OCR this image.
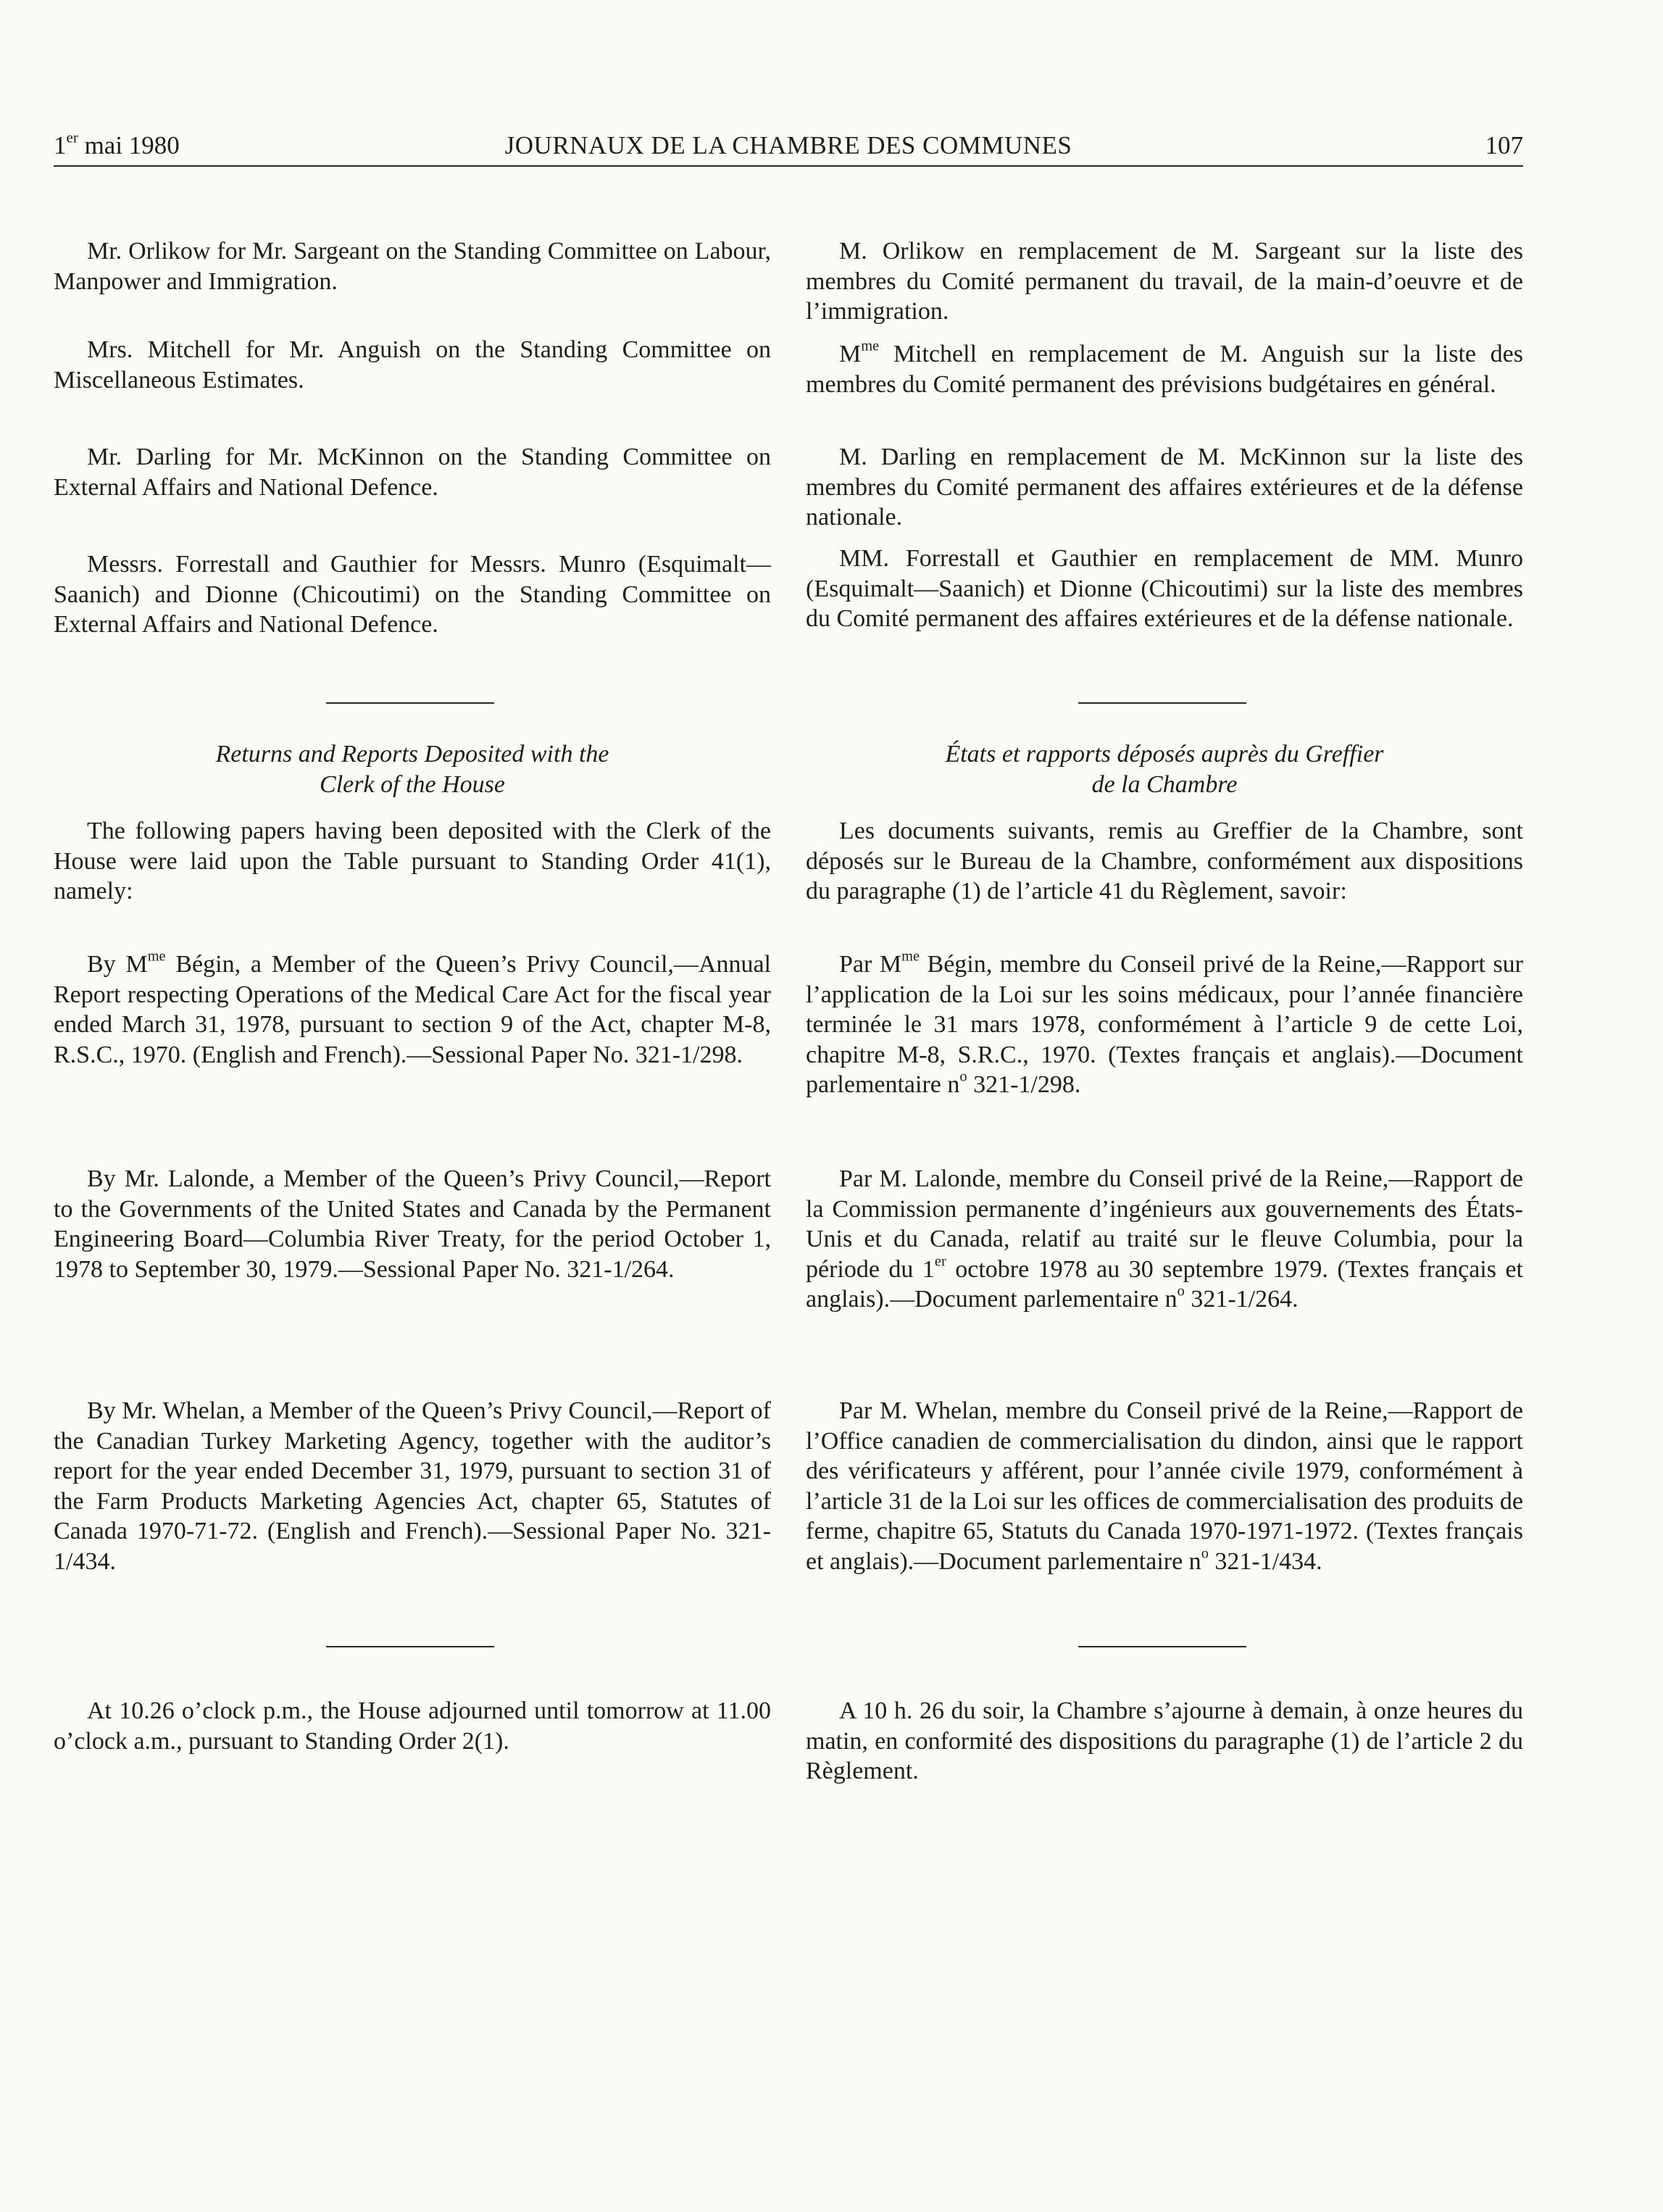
1er mai 1980	JOURNAUX DE LA CHAMBRE DES COMMUNES	107

Mr. Orlikow for Mr. Sargeant on the Standing Committee on Labour, Manpower and Immigration.

Mrs. Mitchell for Mr. Anguish on the Standing Committee on Miscellaneous Estimates.

Mr. Darling for Mr. McKinnon on the Standing Committee on External Affairs and National Defence.

Messrs. Forrestall and Gauthier for Messrs. Munro (Esquimalt—Saanich) and Dionne (Chicoutimi) on the Standing Committee on External Affairs and National Defence.

Returns and Reports Deposited with the
Clerk of the House

The following papers having been deposited with the Clerk of the House were laid upon the Table pursuant to Standing Order 41(1), namely:

By $M^{me}$ Bégin, a Member of the Queen’s Privy Council,—Annual Report respecting Operations of the Medical Care Act for the fiscal year ended March 31, 1978, pursuant to section 9 of the Act, chapter M-8, R.S.C., 1970. (English and French).—Sessional Paper No. 321-1/298.

By Mr. Lalonde, a Member of the Queen’s Privy Council,—Report to the Governments of the United States and Canada by the Permanent Engineering Board—Columbia River Treaty, for the period October 1, 1978 to September 30, 1979.—Sessional Paper No. 321-1/264.

By Mr. Whelan, a Member of the Queen’s Privy Council,—Report of the Canadian Turkey Marketing Agency, together with the auditor’s report for the year ended December 31, 1979, pursuant to section 31 of the Farm Products Marketing Agencies Act, chapter 65, Statutes of Canada 1970-71-72. (English and French).—Sessional Paper No. 321-1/434.

At 10.26 o’clock p.m., the House adjourned until tomorrow at 11.00 o’clock a.m., pursuant to Standing Order 2(1).

M. Orlikow en remplacement de M. Sargeant sur la liste des membres du Comité permanent du travail, de la main-d’oeuvre et de l’immigration.

$M^{me}$ Mitchell en remplacement de M. Anguish sur la liste des membres du Comité permanent des prévisions budgétaires en général.

M. Darling en remplacement de M. McKinnon sur la liste des membres du Comité permanent des affaires extérieures et de la défense nationale.

MM. Forrestall et Gauthier en remplacement de MM. Munro (Esquimalt—Saanich) et Dionne (Chicoutimi) sur la liste des membres du Comité permanent des affaires extérieures et de la défense nationale.

États et rapports déposés auprès du Greffier
de la Chambre

Les documents suivants, remis au Greffier de la Chambre, sont déposés sur le Bureau de la Chambre, conformément aux dispositions du paragraphe (1) de l’article 41 du Règlement, savoir:

Par $M^{me}$ Bégin, membre du Conseil privé de la Reine,—Rapport sur l’application de la Loi sur les soins médicaux, pour l’année financière terminée le 31 mars 1978, conformément à l’article 9 de cette Loi, chapitre M-8, S.R.C., 1970. (Textes français et anglais).—Document parlementaire $n^o$ 321-1/298.

Par M. Lalonde, membre du Conseil privé de la Reine,—Rapport de la Commission permanente d’ingénieurs aux gouvernements des États-Unis et du Canada, relatif au traité sur le fleuve Columbia, pour la période du 1er octobre 1978 au 30 septembre 1979. (Textes français et anglais).—Document parlementaire $n^o$ 321-1/264.

Par M. Whelan, membre du Conseil privé de la Reine,—Rapport de l’Office canadien de commercialisation du dindon, ainsi que le rapport des vérificateurs y afférent, pour l’année civile 1979, conformément à l’article 31 de la Loi sur les offices de commercialisation des produits de ferme, chapitre 65, Statuts du Canada 1970-1971-1972. (Textes français et anglais).—Document parlementaire $n^o$ 321-1/434.

A 10 h. 26 du soir, la Chambre s’ajourne à demain, à onze heures du matin, en conformité des dispositions du paragraphe (1) de l’article 2 du Règlement.
